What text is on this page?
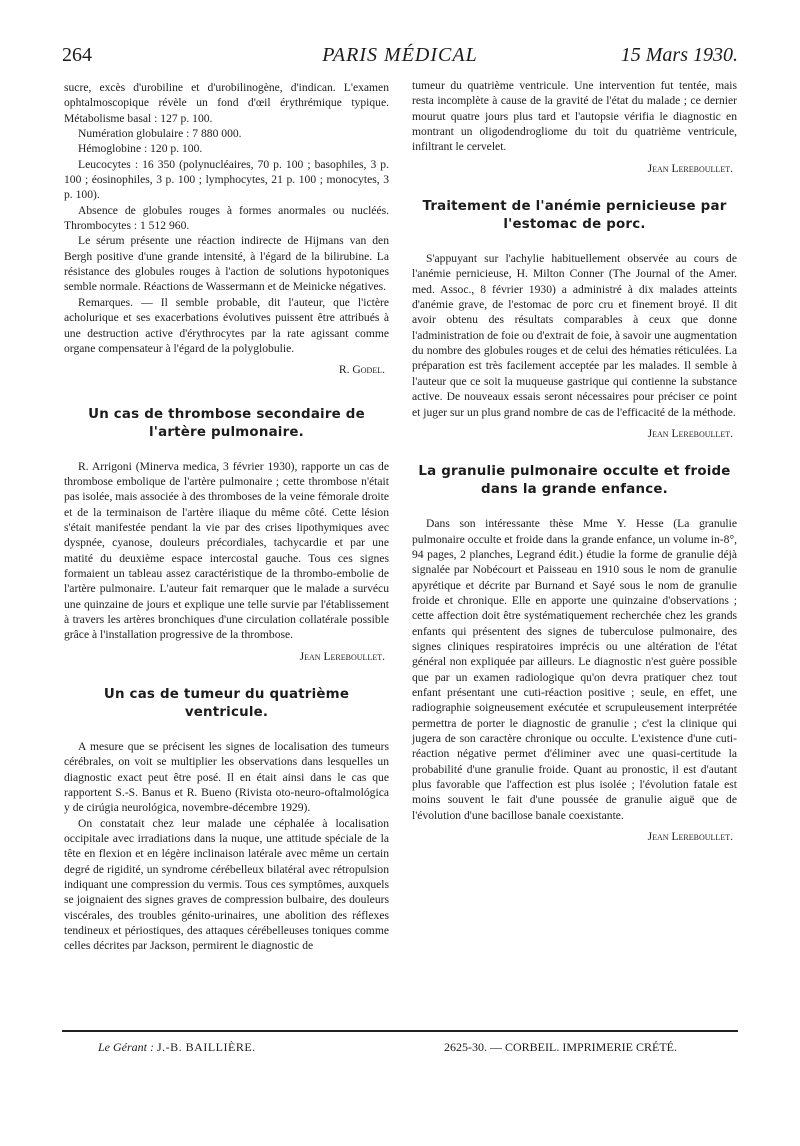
264	PARIS MÉDICAL	15 Mars 1930.

sucre, excès d'urobiline et d'urobilinogène, d'indican. L'examen ophtalmoscopique révèle un fond d'œil érythrémique typique. Métabolisme basal : 127 p. 100.

Numération globulaire : 7 880 000.

Hémoglobine : 120 p. 100.

Leucocytes : 16 350 (polynucléaires, 70 p. 100 ; basophiles, 3 p. 100 ; éosinophiles, 3 p. 100 ; lymphocytes, 21 p. 100 ; monocytes, 3 p. 100).

Absence de globules rouges à formes anormales ou nucléés. Thrombocytes : 1 512 960.

Le sérum présente une réaction indirecte de Hijmans van den Bergh positive d'une grande intensité, à l'égard de la bilirubine. La résistance des globules rouges à l'action de solutions hypotoniques semble normale. Réactions de Wassermann et de Meinicke négatives.

Remarques. — Il semble probable, dit l'auteur, que l'ictère acholurique et ses exacerbations évolutives puissent être attribués à une destruction active d'érythrocytes par la rate agissant comme organe compensateur à l'égard de la polyglobulie.

R. Godel.
Un cas de thrombose secondaire de l'artère pulmonaire.

R. Arrigoni (Minerva medica, 3 février 1930), rapporte un cas de thrombose embolique de l'artère pulmonaire ; cette thrombose n'était pas isolée, mais associée à des thromboses de la veine fémorale droite et de la terminaison de l'artère iliaque du même côté. Cette lésion s'était manifestée pendant la vie par des crises lipothymiques avec dyspnée, cyanose, douleurs précordiales, tachycardie et par une matité du deuxième espace intercostal gauche. Tous ces signes formaient un tableau assez caractéristique de la thrombo-embolie de l'artère pulmonaire. L'auteur fait remarquer que le malade a survécu une quinzaine de jours et explique une telle survie par l'établissement à travers les artères bronchiques d'une circulation collatérale possible grâce à l'installation progressive de la thrombose.

Jean Lereboullet.
Un cas de tumeur du quatrième ventricule.

A mesure que se précisent les signes de localisation des tumeurs cérébrales, on voit se multiplier les observations dans lesquelles un diagnostic exact peut être posé. Il en était ainsi dans le cas que rapportent S.-S. Banus et R. Bueno (Rivista oto-neuro-oftalmológica y de cirúgia neurológica, novembre-décembre 1929).

On constatait chez leur malade une céphalée à localisation occipitale avec irradiations dans la nuque, une attitude spéciale de la tête en flexion et en légère inclinaison latérale avec même un certain degré de rigidité, un syndrome cérébelleux bilatéral avec rétropulsion indiquant une compression du vermis. Tous ces symptômes, auxquels se joignaient des signes graves de compression bulbaire, des douleurs viscérales, des troubles génito-urinaires, une abolition des réflexes tendineux et périostiques, des attaques cérébelleuses toniques comme celles décrites par Jackson, permirent le diagnostic de

tumeur du quatrième ventricule. Une intervention fut tentée, mais resta incomplète à cause de la gravité de l'état du malade ; ce dernier mourut quatre jours plus tard et l'autopsie vérifia le diagnostic en montrant un oligodendrogliome du toit du quatrième ventricule, infiltrant le cervelet.

Jean Lereboullet.
Traitement de l'anémie pernicieuse par l'estomac de porc.

S'appuyant sur l'achylie habituellement observée au cours de l'anémie pernicieuse, H. Milton Conner (The Journal of the Amer. med. Assoc., 8 février 1930) a administré à dix malades atteints d'anémie grave, de l'estomac de porc cru et finement broyé. Il dit avoir obtenu des résultats comparables à ceux que donne l'administration de foie ou d'extrait de foie, à savoir une augmentation du nombre des globules rouges et de celui des hématies réticulées. La préparation est très facilement acceptée par les malades. Il semble à l'auteur que ce soit la muqueuse gastrique qui contienne la substance active. De nouveaux essais seront nécessaires pour préciser ce point et juger sur un plus grand nombre de cas de l'efficacité de la méthode.

Jean Lereboullet.
La granulie pulmonaire occulte et froide dans la grande enfance.

Dans son intéressante thèse Mme Y. Hesse (La granulie pulmonaire occulte et froide dans la grande enfance, un volume in-8°, 94 pages, 2 planches, Legrand édit.) étudie la forme de granulie déjà signalée par Nobécourt et Paisseau en 1910 sous le nom de granulie apyrétique et décrite par Burnand et Sayé sous le nom de granulie froide et chronique. Elle en apporte une quinzaine d'observations ; cette affection doit être systématiquement recherchée chez les grands enfants qui présentent des signes de tuberculose pulmonaire, des signes cliniques respiratoires imprécis ou une altération de l'état général non expliquée par ailleurs. Le diagnostic n'est guère possible que par un examen radiologique qu'on devra pratiquer chez tout enfant présentant une cuti-réaction positive ; seule, en effet, une radiographie soigneusement exécutée et scrupuleusement interprétée permettra de porter le diagnostic de granulie ; c'est la clinique qui jugera de son caractère chronique ou occulte. L'existence d'une cuti-réaction négative permet d'éliminer avec une quasi-certitude la probabilité d'une granulie froide. Quant au pronostic, il est d'autant plus favorable que l'affection est plus isolée ; l'évolution fatale est moins souvent le fait d'une poussée de granulie aiguë que de l'évolution d'une bacillose banale coexistante.

Jean Lereboullet.
Le Gérant : J.-B. BAILLIÈRE.	2625-30. — CORBEIL. IMPRIMERIE CRÉTÉ.
